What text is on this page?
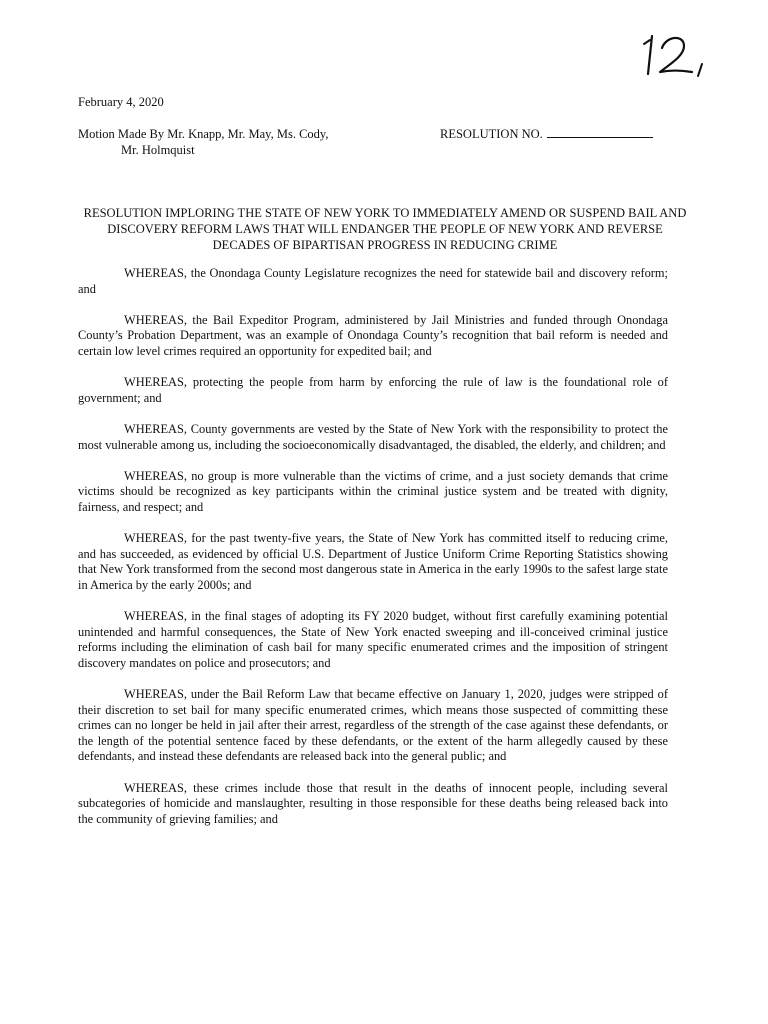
February 4, 2020
Motion Made By Mr. Knapp, Mr. May, Ms. Cody,
Mr. Holmquist
RESOLUTION NO.
RESOLUTION IMPLORING THE STATE OF NEW YORK TO IMMEDIATELY AMEND OR SUSPEND BAIL AND DISCOVERY REFORM LAWS THAT WILL ENDANGER THE PEOPLE OF NEW YORK AND REVERSE DECADES OF BIPARTISAN PROGRESS IN REDUCING CRIME

WHEREAS, the Onondaga County Legislature recognizes the need for statewide bail and discovery reform; and

WHEREAS, the Bail Expeditor Program, administered by Jail Ministries and funded through Onondaga County’s Probation Department, was an example of Onondaga County’s recognition that bail reform is needed and certain low level crimes required an opportunity for expedited bail; and

WHEREAS, protecting the people from harm by enforcing the rule of law is the foundational role of government; and

WHEREAS, County governments are vested by the State of New York with the responsibility to protect the most vulnerable among us, including the socioeconomically disadvantaged, the disabled, the elderly, and children; and

WHEREAS, no group is more vulnerable than the victims of crime, and a just society demands that crime victims should be recognized as key participants within the criminal justice system and be treated with dignity, fairness, and respect; and

WHEREAS, for the past twenty-five years, the State of New York has committed itself to reducing crime, and has succeeded, as evidenced by official U.S. Department of Justice Uniform Crime Reporting Statistics showing that New York transformed from the second most dangerous state in America in the early 1990s to the safest large state in America by the early 2000s; and

WHEREAS, in the final stages of adopting its FY 2020 budget, without first carefully examining potential unintended and harmful consequences, the State of New York enacted sweeping and ill-conceived criminal justice reforms including the elimination of cash bail for many specific enumerated crimes and the imposition of stringent discovery mandates on police and prosecutors; and

WHEREAS, under the Bail Reform Law that became effective on January 1, 2020, judges were stripped of their discretion to set bail for many specific enumerated crimes, which means those suspected of committing these crimes can no longer be held in jail after their arrest, regardless of the strength of the case against these defendants, or the length of the potential sentence faced by these defendants, or the extent of the harm allegedly caused by these defendants, and instead these defendants are released back into the general public; and

WHEREAS, these crimes include those that result in the deaths of innocent people, including several subcategories of homicide and manslaughter, resulting in those responsible for these deaths being released back into the community of grieving families; and
